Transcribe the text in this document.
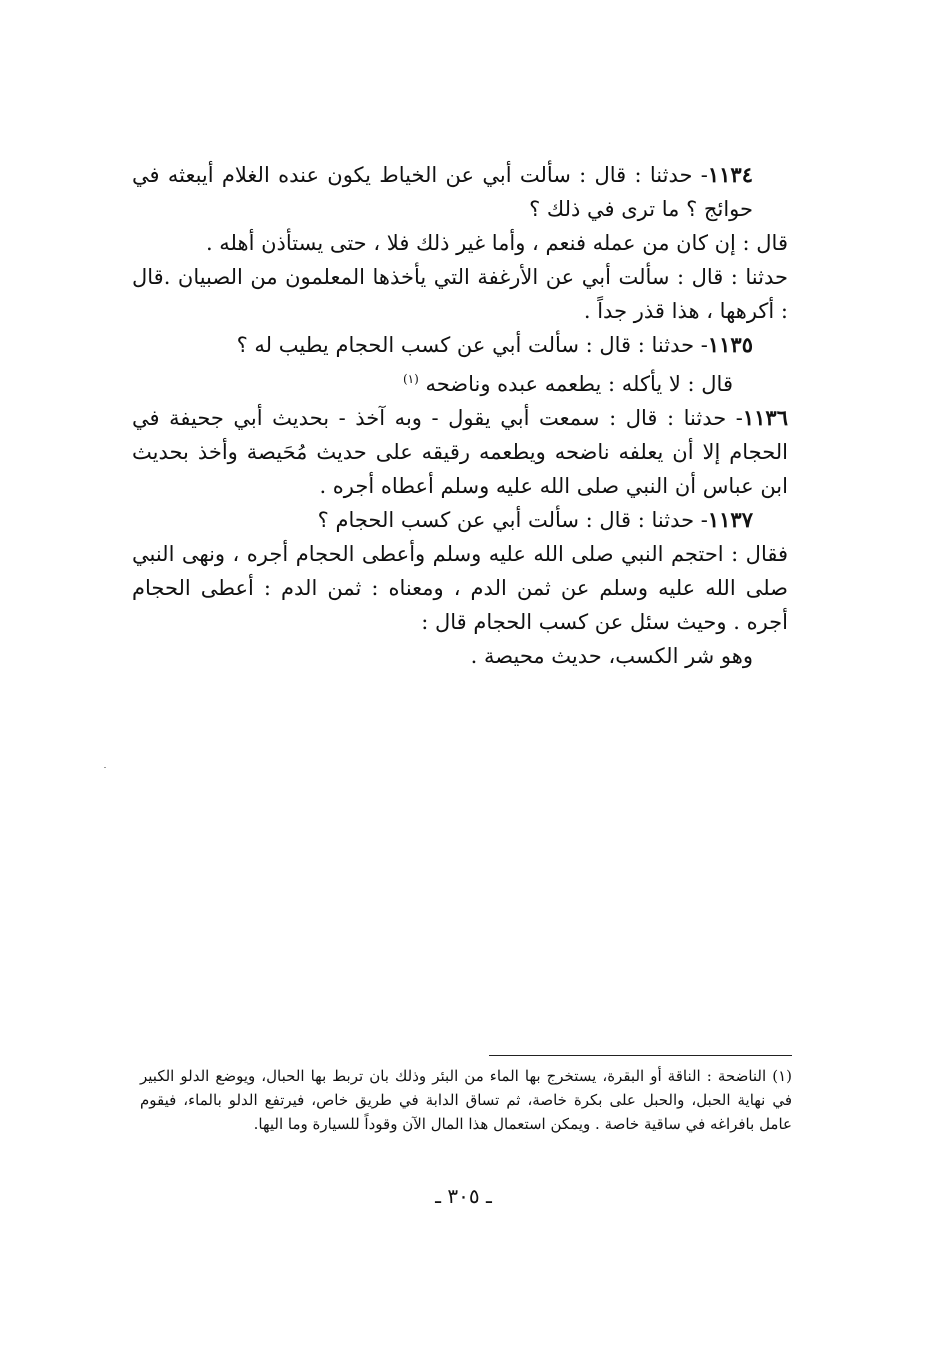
١١٣٤- حدثنا : قال : سألت أبي عن الخياط يكون عنده الغلام أيبعثه في حوائج ؟ ما ترى في ذلك ؟

قال : إن كان من عمله فنعم ، وأما غير ذلك فلا ، حتى يستأذن أهله .

حدثنا : قال : سألت أبي عن الأرغفة التي يأخذها المعلمون من الصبيان .قال : أكرهها ، هذا قذر جداً .

١١٣٥- حدثنا : قال : سألت أبي عن كسب الحجام يطيب له ؟

قال : لا يأكله : يطعمه عبده وناضحه $^{(١)}$

١١٣٦- حدثنا : قال : سمعت أبي يقول - وبه آخذ - بحديث أبي جحيفة في الحجام إلا أن يعلفه ناضحه ويطعمه رقيقه على حديث مُحَيصة وأخذ بحديث ابن عباس أن النبي صلى الله عليه وسلم أعطاه أجره .

١١٣٧- حدثنا : قال : سألت أبي عن كسب الحجام ؟

فقال : احتجم النبي صلى الله عليه وسلم وأعطى الحجام أجره ، ونهى النبي صلى الله عليه وسلم عن ثمن الدم ، ومعناه : ثمن الدم : أعطى الحجام أجره . وحيث سئل عن كسب الحجام قال :

وهو شر الكسب، حديث محيصة .

(١) الناضحة : الناقة أو البقرة، يستخرج بها الماء من البئر وذلك بان تربط بها الحبال، ويوضع الدلو الكبير في نهاية الحبل، والحبل على بكرة خاصة، ثم تساق الدابة في طريق خاص، فيرتفع الدلو بالماء، فيقوم عامل بافراغه في ساقية خاصة . ويمكن استعمال هذا المال الآن وقوداً للسيارة وما اليها.

ـ ٣٠٥ ـ
